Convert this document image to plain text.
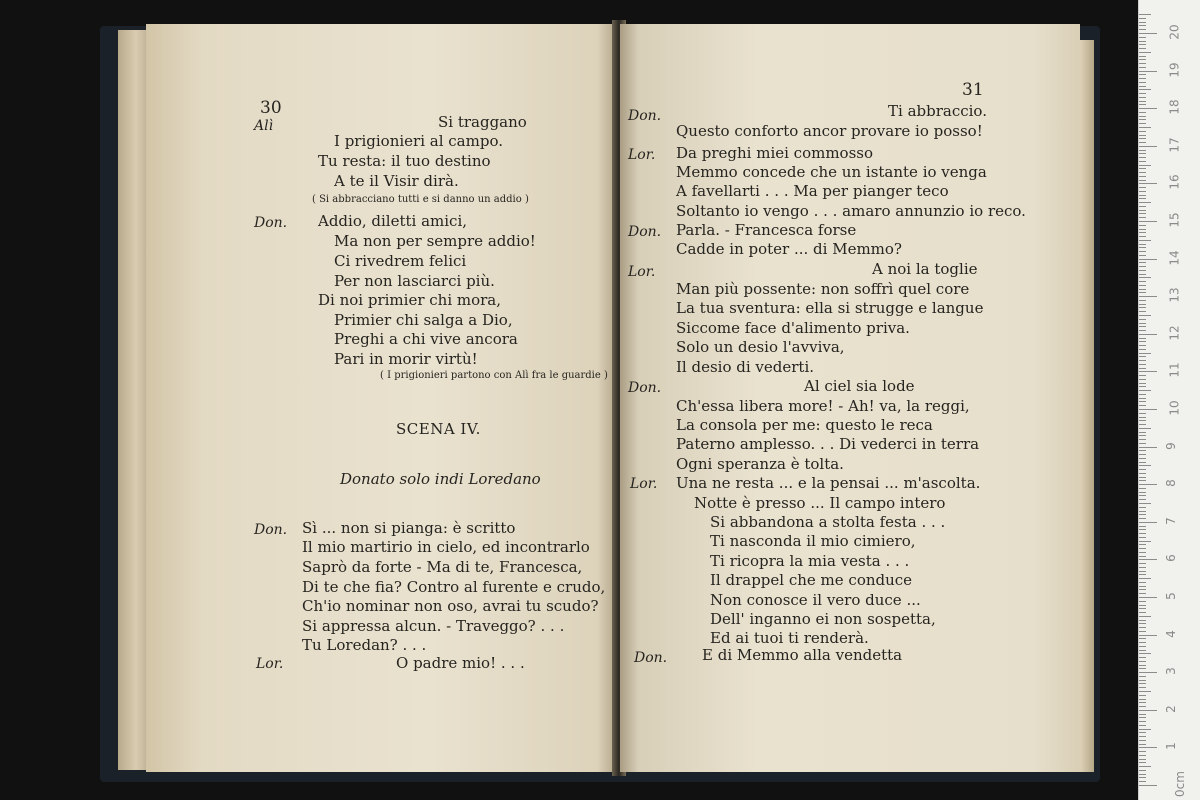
30
Alì	Si traggano
I prigionieri al campo.
Tu resta: il tuo destino
A te il Visir dirà.
( Si abbracciano tutti e si danno un addio )
Don. Addio, diletti amici,
Ma non per sempre addio!
Ci rivedrem felici
Per non lasciarci più.
Di noi primier chi mora,
Primier chi salga a Dio,
Preghi a chi vive ancora
Pari in morir virtù!
( I prigionieri partono con Alì fra le guardie )
SCENA IV.
Donato solo indi Loredano
Don. Sì ... non si pianga: è scritto
Il mio martirio in cielo, ed incontrarlo
Saprò da forte - Ma di te, Francesca,
Di te che fia? Contro al furente e crudo,
Ch'io nominar non oso, avrai tu scudo?
Si appressa alcun. - Traveggo? . . .
Tu Loredan? . . .
Lor.	O padre mio! . . .
31
Don.	Ti abbraccio.
Questo conforto ancor provare io posso!
Lor. Da preghi miei commosso
Memmo concede che un istante io venga
A favellarti . . . Ma per pianger teco
Soltanto io vengo . . . amaro annunzio io reco.
Don. Parla. - Francesca forse
Cadde in poter ... di Memmo?
Lor.	A noi la toglie
Man più possente: non soffrì quel core
La tua sventura: ella si strugge e langue
Siccome face d'alimento priva.
Solo un desio l'avviva,
Il desio di vederti.
Don.	Al ciel sia lode
Ch'essa libera more! - Ah! va, la reggi,
La consola per me: questo le reca
Paterno amplesso. . . Di vederci in terra
Ogni speranza è tolta.
Lor. Una ne resta ... e la pensai ... m'ascolta.
Notte è presso ... Il campo intero
Si abbandona a stolta festa . . .
Ti nasconda il mio cimiero,
Ti ricopra la mia vesta . . .
Il drappel che me conduce
Non conosce il vero duce ...
Dell' inganno ei non sospetta,
Ed ai tuoi ti renderà.
Don. E di Memmo alla vendetta
0cm
1
2
3
4
5
6
7
8
9
10
11
12
13
14
15
16
17
18
19
20
